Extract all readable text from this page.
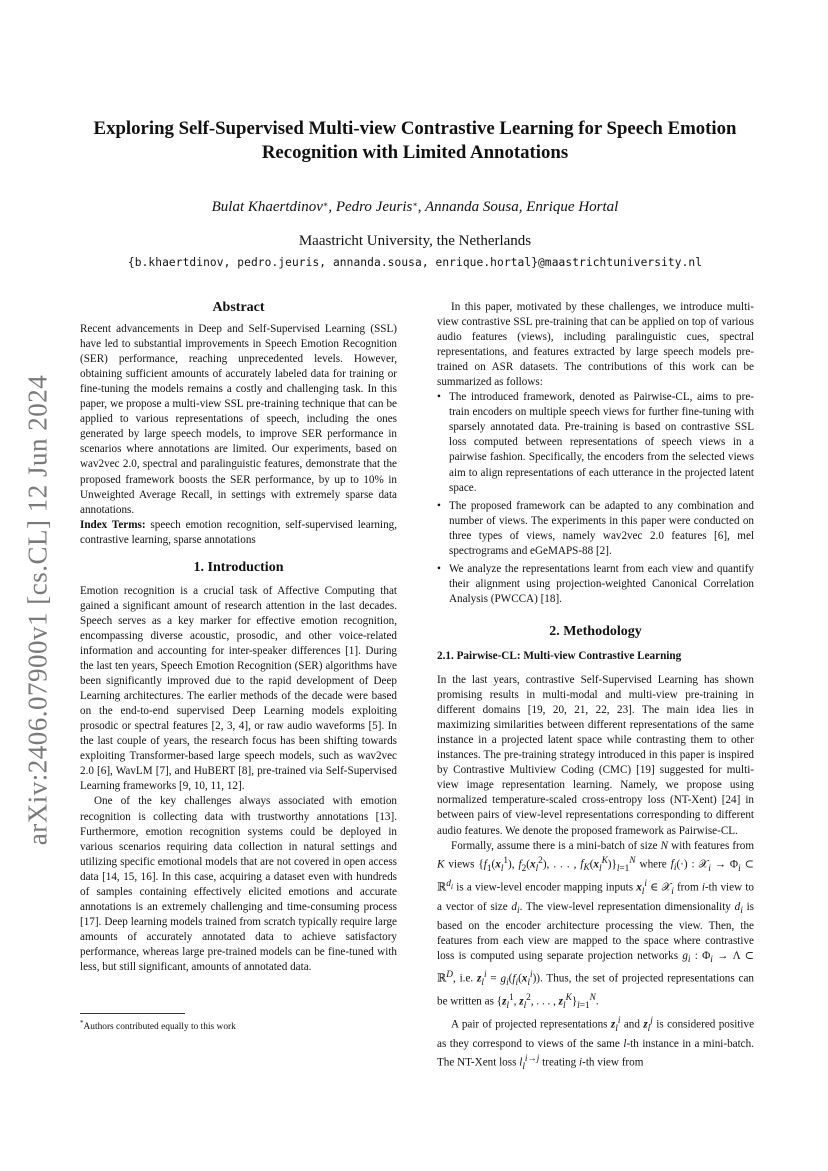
arXiv:2406.07900v1 [cs.CL] 12 Jun 2024
Exploring Self-Supervised Multi-view Contrastive Learning for Speech Emotion Recognition with Limited Annotations
Bulat Khaertdinov∗, Pedro Jeuris∗, Annanda Sousa, Enrique Hortal
Maastricht University, the Netherlands
{b.khaertdinov, pedro.jeuris, annanda.sousa, enrique.hortal}@maastrichtuniversity.nl
Abstract

Recent advancements in Deep and Self-Supervised Learning (SSL) have led to substantial improvements in Speech Emotion Recognition (SER) performance, reaching unprecedented levels. However, obtaining sufficient amounts of accurately labeled data for training or fine-tuning the models remains a costly and challenging task. In this paper, we propose a multi-view SSL pre-training technique that can be applied to various representations of speech, including the ones generated by large speech models, to improve SER performance in scenarios where annotations are limited. Our experiments, based on wav2vec 2.0, spectral and paralinguistic features, demonstrate that the proposed framework boosts the SER performance, by up to 10% in Unweighted Average Recall, in settings with extremely sparse data annotations.

Index Terms: speech emotion recognition, self-supervised learning, contrastive learning, sparse annotations

1. Introduction

Emotion recognition is a crucial task of Affective Computing that gained a significant amount of research attention in the last decades. Speech serves as a key marker for effective emotion recognition, encompassing diverse acoustic, prosodic, and other voice-related information and accounting for inter-speaker differences [1]. During the last ten years, Speech Emotion Recognition (SER) algorithms have been significantly improved due to the rapid development of Deep Learning architectures. The earlier methods of the decade were based on the end-to-end supervised Deep Learning models exploiting prosodic or spectral features [2, 3, 4], or raw audio waveforms [5]. In the last couple of years, the research focus has been shifting towards exploiting Transformer-based large speech models, such as wav2vec 2.0 [6], WavLM [7], and HuBERT [8], pre-trained via Self-Supervised Learning frameworks [9, 10, 11, 12].

One of the key challenges always associated with emotion recognition is collecting data with trustworthy annotations [13]. Furthermore, emotion recognition systems could be deployed in various scenarios requiring data collection in natural settings and utilizing specific emotional models that are not covered in open access data [14, 15, 16]. In this case, acquiring a dataset even with hundreds of samples containing effectively elicited emotions and accurate annotations is an extremely challenging and time-consuming process [17]. Deep learning models trained from scratch typically require large amounts of accurately annotated data to achieve satisfactory performance, whereas large pre-trained models can be fine-tuned with less, but still significant, amounts of annotated data.

In this paper, motivated by these challenges, we introduce multi-view contrastive SSL pre-training that can be applied on top of various audio features (views), including paralinguistic cues, spectral representations, and features extracted by large speech models pre-trained on ASR datasets. The contributions of this work can be summarized as follows:

• The introduced framework, denoted as Pairwise-CL, aims to pre-train encoders on multiple speech views for further fine-tuning with sparsely annotated data. Pre-training is based on contrastive SSL loss computed between representations of speech views in a pairwise fashion. Specifically, the encoders from the selected views aim to align representations of each utterance in the projected latent space.
• The proposed framework can be adapted to any combination and number of views. The experiments in this paper were conducted on three types of views, namely wav2vec 2.0 features [6], mel spectrograms and eGeMAPS-88 [2].
• We analyze the representations learnt from each view and quantify their alignment using projection-weighted Canonical Correlation Analysis (PWCCA) [18].
2. Methodology
2.1. Pairwise-CL: Multi-view Contrastive Learning

In the last years, contrastive Self-Supervised Learning has shown promising results in multi-modal and multi-view pre-training in different domains [19, 20, 21, 22, 23]. The main idea lies in maximizing similarities between different representations of the same instance in a projected latent space while contrasting them to other instances. The pre-training strategy introduced in this paper is inspired by Contrastive Multiview Coding (CMC) [19] suggested for multi-view image representation learning. Namely, we propose using normalized temperature-scaled cross-entropy loss (NT-Xent) [24] in between pairs of view-level representations corresponding to different audio features. We denote the proposed framework as Pairwise-CL.

Formally, assume there is a mini-batch of size N with features from K views {$f_1(x_l^1)$, $f_2(x_l^2)$, . . . , $f_K(x_l^K)\}_{l=1}^N$ where $f_i(\cdot)$ : 𝒳$_i$ → $\Phi_i$ ⊂ ℝ$^{d_i}$ is a view-level encoder mapping inputs $x_l^i$ ∈ 𝒳$_i$ from i-th view to a vector of size $d_i$. The view-level representation dimensionality $d_i$ is based on the encoder architecture processing the view. Then, the features from each view are mapped to the space where contrastive loss is computed using separate projection networks $g_i$ : $\Phi_i \to \Lambda$ ⊂ ℝ$^D$, i.e. $z_l^i = g_i(f_i(x_l^i))$. Thus, the set of projected representations can be written as {$z_l^1$, $z_l^2$, . . . , $z_l^K\}_{l=1}^N$.

A pair of projected representations $z_l^i$ and $z_l^j$ is considered positive as they correspond to views of the same l-th instance in a mini-batch. The NT-Xent loss $l_l^{i\to j}$ treating i-th view from

*Authors contributed equally to this work
